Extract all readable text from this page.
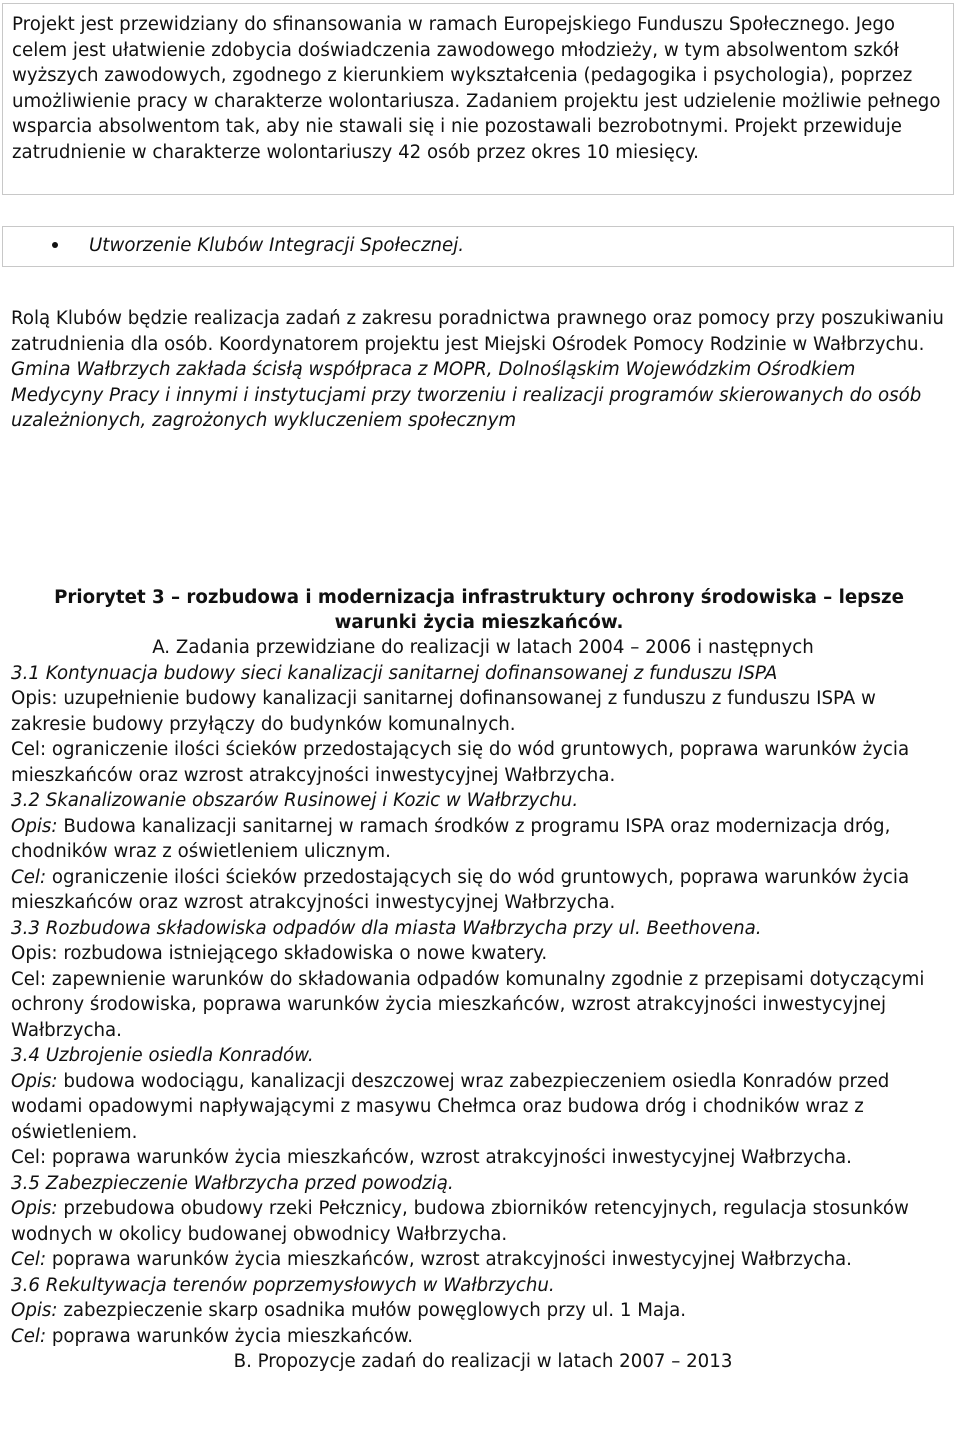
Projekt jest przewidziany do sfinansowania w ramach Europejskiego Funduszu Społecznego. Jego celem jest ułatwienie zdobycia doświadczenia zawodowego młodzieży, w tym absolwentom szkół wyższych zawodowych, zgodnego z kierunkiem wykształcenia (pedagogika i psychologia), poprzez umożliwienie pracy w charakterze wolontariusza. Zadaniem projektu jest udzielenie możliwie pełnego wsparcia absolwentom tak, aby nie stawali się i nie pozostawali bezrobotnymi. Projekt przewiduje zatrudnienie w charakterze wolontariuszy 42 osób przez okres 10 miesięcy.

Utworzenie Klubów Integracji Społecznej.

Rolą Klubów będzie realizacja zadań z zakresu poradnictwa prawnego oraz pomocy przy poszukiwaniu zatrudnienia dla osób. Koordynatorem projektu jest Miejski Ośrodek Pomocy Rodzinie w Wałbrzychu.

Gmina Wałbrzych zakłada ścisłą współpraca z MOPR, Dolnośląskim Wojewódzkim Ośrodkiem Medycyny Pracy i innymi i instytucjami przy tworzeniu i realizacji programów skierowanych do osób uzależnionych, zagrożonych wykluczeniem społecznym

Priorytet 3 – rozbudowa i modernizacja infrastruktury ochrony środowiska – lepsze warunki życia mieszkańców.

A. Zadania przewidziane do realizacji w latach 2004 – 2006 i następnych

3.1 Kontynuacja budowy sieci kanalizacji sanitarnej dofinansowanej z funduszu ISPA

Opis: uzupełnienie budowy kanalizacji sanitarnej dofinansowanej z funduszu z funduszu ISPA w zakresie budowy przyłączy do budynków komunalnych.

Cel: ograniczenie ilości ścieków przedostających się do wód gruntowych, poprawa warunków życia mieszkańców oraz wzrost atrakcyjności inwestycyjnej Wałbrzycha.

3.2 Skanalizowanie obszarów Rusinowej i Kozic w Wałbrzychu.

Opis: Budowa kanalizacji sanitarnej w ramach środków z programu ISPA oraz modernizacja dróg, chodników wraz z oświetleniem ulicznym.

Cel: ograniczenie ilości ścieków przedostających się do wód gruntowych, poprawa warunków życia mieszkańców oraz wzrost atrakcyjności inwestycyjnej Wałbrzycha.

3.3 Rozbudowa składowiska odpadów dla miasta Wałbrzycha przy ul. Beethovena.

Opis: rozbudowa istniejącego składowiska o nowe kwatery.

Cel: zapewnienie warunków do składowania odpadów komunalny zgodnie z przepisami dotyczącymi ochrony środowiska, poprawa warunków życia mieszkańców, wzrost atrakcyjności inwestycyjnej Wałbrzycha.

3.4 Uzbrojenie osiedla Konradów.

Opis: budowa wodociągu, kanalizacji deszczowej wraz zabezpieczeniem osiedla Konradów przed wodami opadowymi napływającymi z masywu Chełmca oraz budowa dróg i chodników wraz z oświetleniem.

Cel: poprawa warunków życia mieszkańców, wzrost atrakcyjności inwestycyjnej Wałbrzycha.

3.5 Zabezpieczenie Wałbrzycha przed powodzią.

Opis: przebudowa obudowy rzeki Pełcznicy, budowa zbiorników retencyjnych, regulacja stosunków wodnych w okolicy budowanej obwodnicy Wałbrzycha.

Cel: poprawa warunków życia mieszkańców, wzrost atrakcyjności inwestycyjnej Wałbrzycha.

3.6 Rekultywacja terenów poprzemysłowych w Wałbrzychu.

Opis: zabezpieczenie skarp osadnika mułów powęglowych przy ul. 1 Maja.

Cel: poprawa warunków życia mieszkańców.

B. Propozycje zadań do realizacji w latach 2007 – 2013
